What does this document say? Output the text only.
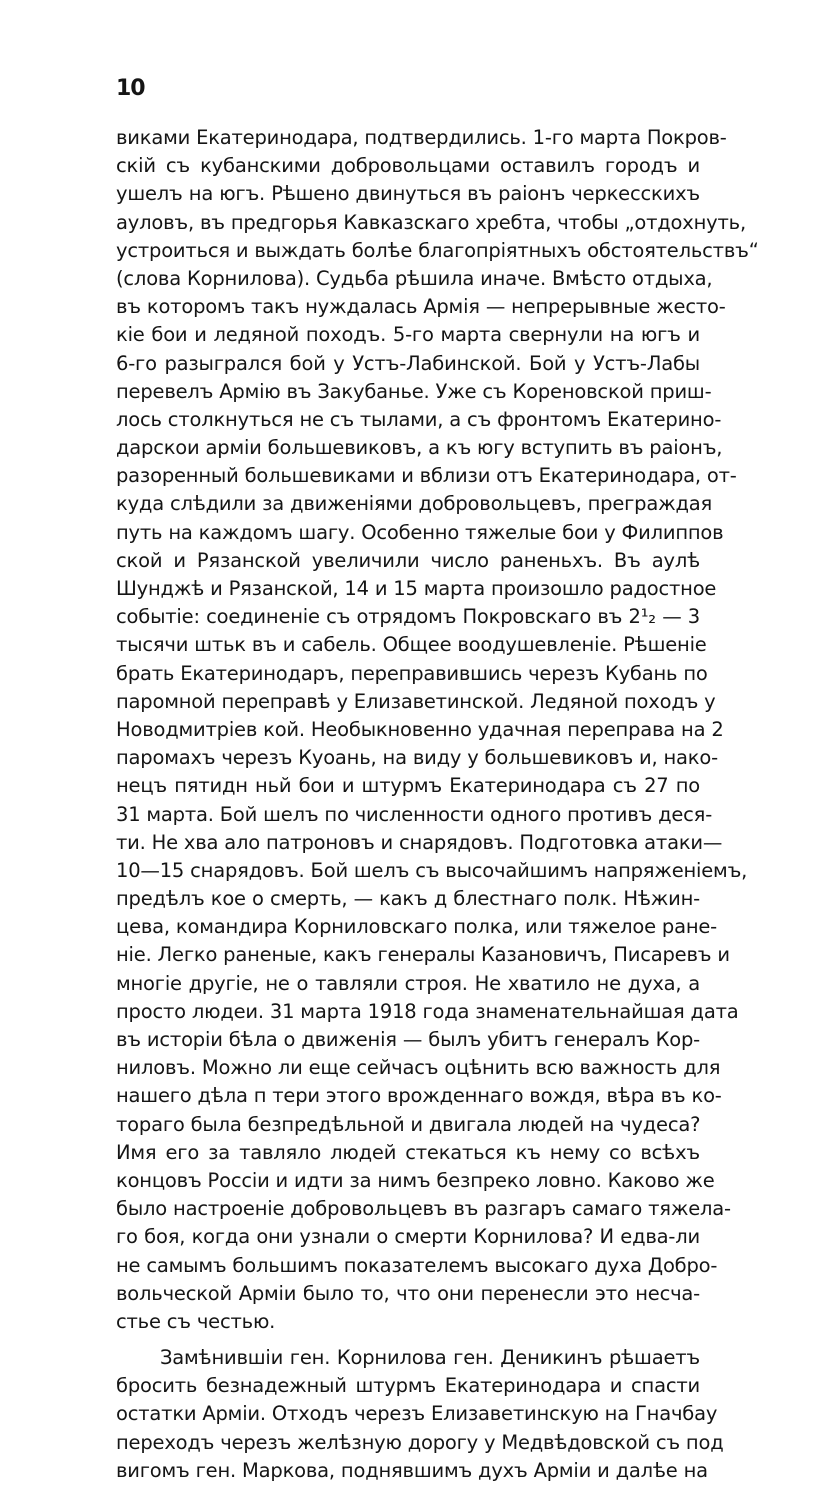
10
виками Екатеринодара, подтвердились. 1-го марта Покров-
скій съ кубанскими добровольцами оставилъ городъ и
ушелъ на югъ. Рѣшено двинуться въ раіонъ черкесскихъ
ауловъ, въ предгорья Кавказскаго хребта, чтобы „отдохнуть,
устроиться и выждать болѣе благопріятныхъ обстоятельствъ“
(слова Корнилова). Судьба рѣшила иначе. Вмѣсто отдыха,
въ которомъ такъ нуждалась Армія — непрерывные жесто-
кіе бои и ледяной походъ. 5-го марта свернули на югъ и
6-го разыгрался бой у Устъ-Лабинской. Бой у Устъ-Лабы
перевелъ Армію въ Закубанье. Уже съ Кореновской приш-
лось столкнуться не съ тылами, а съ фронтомъ Екатерино-
дарскои арміи большевиковъ, а къ югу вступить въ раіонъ,
разоренный большевиками и вблизи отъ Екатеринодара, от-
куда слѣдили за движеніями добровольцевъ, преграждая
путь на каждомъ шагу. Особенно тяжелые бои у Филиппов
ской и Рязанской увеличили число раненьхъ. Въ аулѣ
Шунджѣ и Рязанской, 14 и 15 марта произошло радостное
событіе: соединеніе съ отрядомъ Покровскаго въ 2¹₂ — 3
тысячи штьк въ и сабель. Общее воодушевленіе. Рѣшеніе
брать Екатеринодаръ, переправившись черезъ Кубань по
паромной переправѣ у Елизаветинской. Ледяной походъ у
Новодмитріев кой. Необыкновенно удачная переправа на 2
паромахъ черезъ Куоань, на виду у большевиковъ и, нако-
нецъ пятидн ньй бои и штурмъ Екатеринодара съ 27 по
31 марта. Бой шелъ по численности одного противъ деся-
ти. Не хва ало патроновъ и снарядовъ. Подготовка атаки—
10—15 снарядовъ. Бой шелъ съ высочайшимъ напряженіемъ,
предѣлъ кое о смерть, — какъ д блестнаго полк. Нѣжин-
цева, командира Корниловскаго полка, или тяжелое ране-
ніе. Легко раненые, какъ генералы Казановичъ, Писаревъ и
многіе другіе, не о тавляли строя. Не хватило не духа, а
просто людеи. 31 марта 1918 года знаменательнайшая дата
въ исторіи бѣла о движенія — былъ убитъ генералъ Кор-
ниловъ. Можно ли еще сейчасъ оцѣнить всю важность для
нашего дѣла п тери этого врожденнаго вождя, вѣра въ ко-
тораго была безпредѣльной и двигала людей на чудеса?
Имя его за тавляло людей стекаться къ нему со всѣхъ
концовъ Россіи и идти за нимъ безпреко ловно. Каково же
было настроеніе добровольцевъ въ разгаръ самаго тяжела-
го боя, когда они узнали о смерти Корнилова? И едва-ли
не самымъ большимъ показателемъ высокаго духа Добро-
вольческой Арміи было то, что они перенесли это несча-
стье съ честью.
Замѣнившіи ген. Корнилова ген. Деникинъ рѣшаетъ
бросить безнадежный штурмъ Екатеринодара и спасти
остатки Арміи. Отходъ черезъ Елизаветинскую на Гначбау
переходъ черезъ желѣзную дорогу у Медвѣдовской съ под
вигомъ ген. Маркова, поднявшимъ духъ Арміи и далѣе на
